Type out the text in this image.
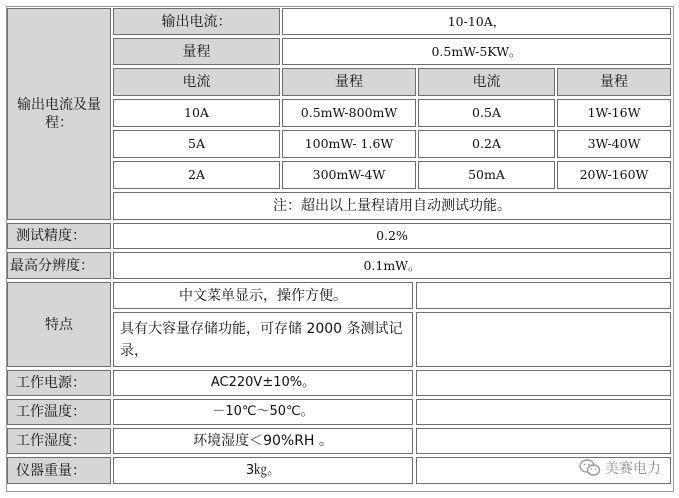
输出电流：	10-10A，
量程	0.5mW-5KW。
输出电流及量程：
电流	量程	电流	量程
10A	0.5mW-800mW	0.5A	1W-16W
5A	100mW- 1.6W	0.2A	3W-40W
2A	300mW-4W	50mA	20W-160W
注：超出以上量程请用自动测试功能。
测试精度：	0.2%
最高分辨度：	0.1mW。
特点
中文菜单显示，操作方便。
具有大容量存储功能，可存储 2000 条测试记录，
工作电源：	AC220V±10%。
工作温度：	－10℃～50℃。
工作湿度：	环境湿度＜90%RH 。
仪器重量：	3㎏。	美赛电力
